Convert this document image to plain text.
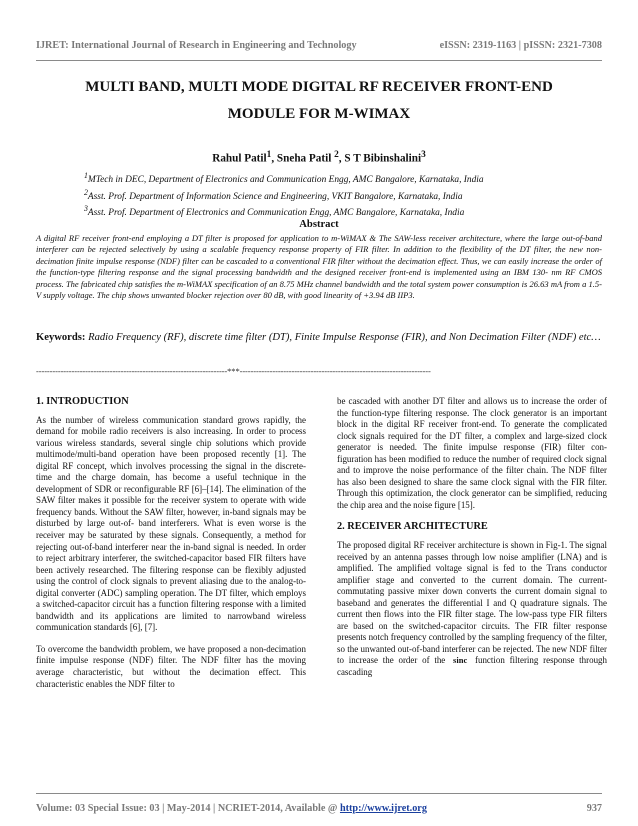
IJRET: International Journal of Research in Engineering and Technology	eISSN: 2319-1163 | pISSN: 2321-7308
MULTI BAND, MULTI MODE DIGITAL RF RECEIVER FRONT-END
MODULE FOR M-WIMAX
Rahul Patil$^1$, Sneha Patil $^2$, S T Bibinshalini$^3$
$^1$MTech in DEC, Department of Electronics and Communication Engg, AMC Bangalore, Karnataka, India
$^2$Asst. Prof. Department of Information Science and Engineering, VKIT Bangalore, Karnataka, India
$^3$Asst. Prof. Department of Electronics and Communication Engg, AMC Bangalore, Karnataka, India
Abstract
A digital RF receiver front-end employing a DT filter is proposed for application to m-WiMAX & The SAW-less receiver architecture, where the large out-of-band interferer can be rejected selectively by using a scalable frequency response property of FIR filter. In addition to the flexibility of the DT filter, the new non-decimation finite impulse response (NDF) filter can be cascaded to a conventional FIR filter without the decimation effect. Thus, we can easily increase the order of the function-type filtering response and the signal processing bandwidth and the designed receiver front-end is implemented using an IBM 130- nm RF CMOS process. The fabricated chip satisfies the m-WiMAX specification of an 8.75 MHz channel bandwidth and the total system power consumption is 26.63 mA from a 1.5-V supply voltage. The chip shows unwanted blocker rejection over 80 dB, with good linearity of +3.94 dB IIP3.
Keywords: Radio Frequency (RF), discrete time filter (DT), Finite Impulse Response (FIR), and Non Decimation Filter (NDF) etc…
----------------------------------------------------------------------***----------------------------------------------------------------------
1. INTRODUCTION

As the number of wireless communication standard grows rapidly, the demand for mobile radio receivers is also increasing. In order to process various wireless standards, several single chip solutions which provide multimode/multi-band operation have been proposed recently [1]. The digital RF concept, which involves processing the signal in the discrete-time and the charge domain, has become a useful technique in the development of SDR or reconfigurable RF [6]–[14]. The elimination of the SAW filter makes it possible for the receiver system to operate with wide frequency bands. Without the SAW filter, however, in-band signals may be disturbed by large out-of- band interferers. What is even worse is the receiver may be saturated by these signals. Consequently, a method for rejecting out-of-band interferer near the in-band signal is needed. In order to reject arbitrary interferer, the switched-capacitor based FIR filters have been actively researched. The filtering response can be flexibly adjusted using the control of clock signals to prevent aliasing due to the analog-to-digital converter (ADC) sampling operation. The DT filter, which employs a switched-capacitor circuit has a function filtering response with a limited bandwidth and its applications are limited to narrowband wireless communication standards [6], [7].

To overcome the bandwidth problem, we have proposed a non-decimation finite impulse response (NDF) filter. The NDF filter has the moving average characteristic, but without the decimation effect. This characteristic enables the NDF filter to

be cascaded with another DT filter and allows us to increase the order of the function-type filtering response. The clock generator is an important block in the digital RF receiver front-end. To generate the complicated clock signals required for the DT filter, a complex and large-sized clock generator is needed. The finite impulse response (FIR) filter con- figuration has been modified to reduce the number of required clock signal and to improve the noise performance of the filter chain. The NDF filter has also been designed to share the same clock signal with the FIR filter. Through this optimization, the clock generator can be simplified, reducing the chip area and the noise figure [15].

2. RECEIVER ARCHITECTURE

The proposed digital RF receiver architecture is shown in Fig-1. The signal received by an antenna passes through low noise amplifier (LNA) and is amplified. The amplified voltage signal is fed to the Trans conductor amplifier stage and converted to the current domain. The current-commutating passive mixer down converts the current domain signal to baseband and generates the differential I and Q quadrature signals. The current then flows into the FIR filter stage. The low-pass type FIR filters are based on the switched-capacitor circuits. The FIR filter response presents notch frequency controlled by the sampling frequency of the filter, so the unwanted out-of-band interferer can be rejected. The new NDF filter to increase the order of the sinc function filtering response through cascading

Volume: 03 Special Issue: 03 | May-2014 | NCRIET-2014, Available @ http://www.ijret.org	937
